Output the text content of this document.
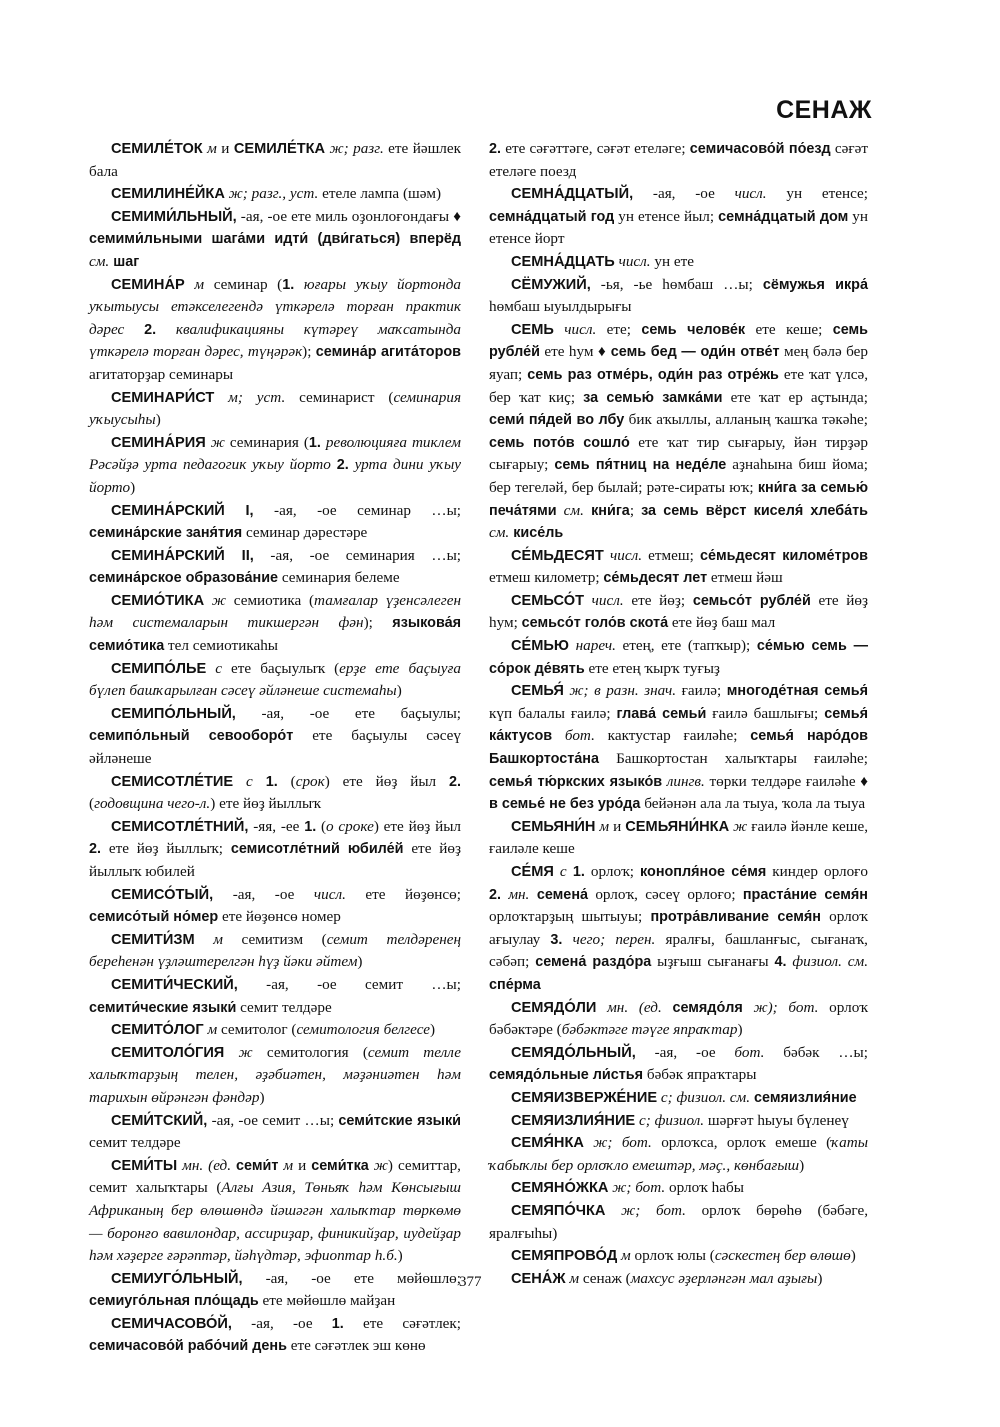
СЕНАЖ

СЕМИЛЕ́ТОК м и СЕМИЛЕ́ТКА ж; разг. ете йәшлек бала

СЕМИЛИНЕ́ЙКА ж; разг., уст. етеле лампа (шәм)

СЕМИМИ́ЛЬНЫЙ, -ая, -ое ете миль оҙонлоғондағы ♦ семими́льными шага́ми идти́ (дви́гаться) вперёд см. шаг

СЕМИНА́Р м семинар (1. юғары уҡыу йортонда уҡытыусы етәкселегендә үткәрелә торған практик дәрес 2. квалификацияны күтәреү маҡсатында үткәрелә торған дәрес, түңәрәк); семина́р агита́торов агитаторҙар семинары

СЕМИНАРИ́СТ м; уст. семинарист (семинария уҡыусыһы)

СЕМИНА́РИЯ ж семинария (1. революцияға тиклем Рәсәйҙә урта педагогик уҡыу йорто 2. урта дини уҡыу йорто)

СЕМИНА́РСКИЙ I, -ая, -ое семинар …ы; семина́рские заня́тия семинар дәрестәре

СЕМИНА́РСКИЙ II, -ая, -ое семинария …ы; семина́рское образова́ние семинария белеме

СЕМИО́ТИКА ж семиотика (тамғалар үҙенсәлеген һәм системаларын тикшергән фән); языкова́я семио́тика тел семиотикаһы

СЕМИПО́ЛЬЕ с ете баҫыулыҡ (ерҙе ете баҫыуға бүлеп башҡарылған сәсеү әйләнеше системаһы)

СЕМИПО́ЛЬНЫЙ, -ая, -ое ете баҫыулы; семипо́льный севооборо́т ете баҫыулы сәсеү әйләнеше

СЕМИСОТЛЕ́ТИЕ с 1. (срок) ете йөҙ йыл 2. (годовщина чего-л.) ете йөҙ йыллыҡ

СЕМИСОТЛЕ́ТНИЙ, -яя, -ее 1. (о сроке) ете йөҙ йыл 2. ете йөҙ йыллыҡ; семисотле́тний юбиле́й ете йөҙ йыллыҡ юбилей

СЕМИСО́ТЫЙ, -ая, -ое числ. ете йөҙөнсө; семисо́тый но́мер ете йөҙөнсө номер

СЕМИТИ́ЗМ м семитизм (семит телдәренең береһенән үҙләштерелгән һүҙ йәки әйтем)

СЕМИТИ́ЧЕСКИЙ, -ая, -ое семит …ы; семити́ческие языки́ семит телдәре

СЕМИТО́ЛОГ м семитолог (семитология белгесе)

СЕМИТОЛО́ГИЯ ж семитология (семит телле халыҡтарҙың телен, әҙәбиәтен, мәҙәниәтен һәм тарихын өйрәнгән фәндәр)

СЕМИ́ТСКИЙ, -ая, -ое семит …ы; семи́тские языки́ семит телдәре

СЕМИ́ТЫ мн. (ед. семи́т м и семи́тка ж) семиттар, семит халыҡтары (Алғы Азия, Төньяҡ һәм Көнсығыш Африканың бер өлөшөндә йәшәгән халыҡтар төркөмө — боронғо вавилондар, ассириҙар, финикийҙар, иудейҙар һәм хәҙерге ғәрәптәр, йәһүдтәр, эфиоптар һ.б.)

СЕМИУГО́ЛЬНЫЙ, -ая, -ое ете мөйөшлө; семиуго́льная пло́щадь ете мөйөшлө майҙан

СЕМИЧАСОВО́Й, -ая, -ое 1. ете сәғәтлек; семичасово́й рабо́чий день ете сәғәтлек эш көнө

2. ете сәғәттәге, сәғәт етеләге; семичасово́й по́езд сәғәт етеләге поезд

СЕМНА́ДЦАТЫЙ, -ая, -ое числ. ун етенсе; семна́дцатый год ун етенсе йыл; семна́дцатый дом ун етенсе йорт

СЕМНА́ДЦАТЬ числ. ун ете

СЁМУЖИЙ, -ья, -ье һөмбаш …ы; сёмужья икра́ һөмбаш ыуылдырығы

СЕМЬ числ. ете; семь челове́к ете кеше; семь рубле́й ете һум ♦ семь бед — оди́н отве́т мең бәлә бер яуап; семь раз отме́рь, оди́н раз отре́жь ете ҡат үлсә, бер ҡат киҫ; за семью́ замка́ми ете ҡат ер аҫтында; семи́ пя́дей во лбу бик аҡыллы, алланың ҡашҡа тәкәһе; семь пото́в сошло́ ете ҡат тир сығарыу, йән тирҙәр сығарыу; семь пя́тниц на неде́ле аҙнаһына биш йома; бер тегеләй, бер былай; рәте-сираты юҡ; кни́га за семью́ печа́тями см. кни́га; за семь вёрст киселя́ хлеба́ть см. кисе́ль

СЕ́МЬДЕСЯТ числ. етмеш; се́мьдесят киломе́тров етмеш километр; се́мьдесят лет етмеш йәш

СЕМЬСО́Т числ. ете йөҙ; семьсо́т рубле́й ете йөҙ һум; семьсо́т голо́в скота́ ете йөҙ баш мал

СЕ́МЬЮ нареч. етең, ете (тапҡыр); се́мью семь — со́рок де́вять ете етең ҡырҡ туғыҙ

СЕМЬЯ́ ж; в разн. знач. ғаилә; многоде́тная семья́ күп балалы ғаилә; глава́ семьи́ ғаилә башлығы; семья́ ка́ктусов бот. кактустар ғаиләһе; семья́ наро́дов Башкортоста́на Башкортостан халыҡтары ғаиләһе; семья́ тю́ркских языко́в лингв. төрки телдәре ғаиләһе ♦ в семье́ не без уро́да бейәнән ала ла тыуа, ҡола ла тыуа

СЕМЬЯНИ́Н м и СЕМЬЯНИ́НКА ж ғаилә йәнле кеше, ғаиләле кеше

СЕ́МЯ с 1. орлоҡ; конопля́ное се́мя киндер орлоғо 2. мн. семена́ орлоҡ, сәсеү орлоғо; праста́ние семя́н орлоҡтарҙың шытыуы; протра́вливание семя́н орлоҡ ағыулау 3. чего; перен. яралғы, башланғыс, сығанаҡ, сәбәп; семена́ раздо́ра ыҙғыш сығанағы 4. физиол. см. спе́рма

СЕМЯДО́ЛИ мн. (ед. семядо́ля ж); бот. орлоҡ бәбәктәре (бәбәктәге тәүге япраҡтар)

СЕМЯДО́ЛЬНЫЙ, -ая, -ое бот. бәбәк …ы; семядо́льные ли́стья бәбәк япраҡтары

СЕМЯИЗВЕРЖЕ́НИЕ с; физиол. см. семяизлия́ние

СЕМЯИЗЛИЯ́НИЕ с; физиол. шәрғәт һыуы бүленеү

СЕМЯ́НКА ж; бот. орлоҡса, орлоҡ емеше (ҡаты ҡабыҡлы бер орлоҡло емештәр, мәҫ., көнбағыш)

СЕМЯНО́ЖКА ж; бот. орлоҡ һабы

СЕМЯПО́ЧКА ж; бот. орлоҡ бөрөһө (бәбәге, яралғыһы)

СЕМЯПРОВО́Д м орлоҡ юлы (сәскестең бер өлөшө)

СЕНА́Ж м сенаж (махсус әҙерләнгән мал аҙығы)

377
